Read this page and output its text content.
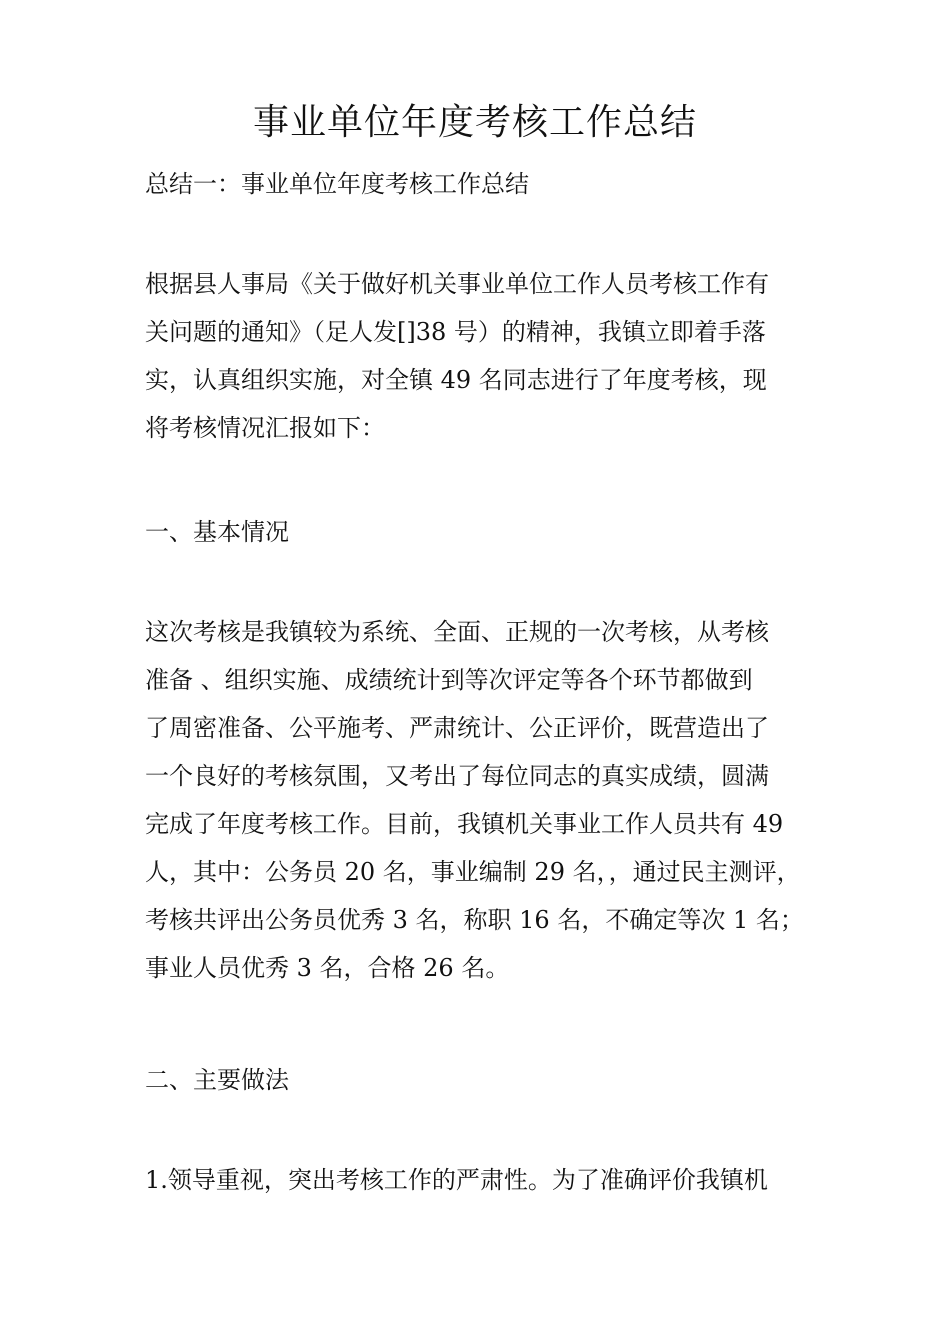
事业单位年度考核工作总结

总结一：事业单位年度考核工作总结

根据县人事局《关于做好机关事业单位工作人员考核工作有
关问题的通知》（足人发[]38 号）的精神，我镇立即着手落
实，认真组织实施，对全镇 49 名同志进行了年度考核，现
将考核情况汇报如下：

一、基本情况

这次考核是我镇较为系统、全面、正规的一次考核，从考核
准备 、组织实施、成绩统计到等次评定等各个环节都做到
了周密准备、公平施考、严肃统计、公正评价，既营造出了
一个良好的考核氛围，又考出了每位同志的真实成绩，圆满
完成了年度考核工作。目前，我镇机关事业工作人员共有 49
人，其中：公务员 20 名，事业编制 29 名，，通过民主测评，
考核共评出公务员优秀 3 名，称职 16 名，不确定等次 1 名；
事业人员优秀 3 名，合格 26 名。

二、主要做法

1.领导重视，突出考核工作的严肃性。为了准确评价我镇机
